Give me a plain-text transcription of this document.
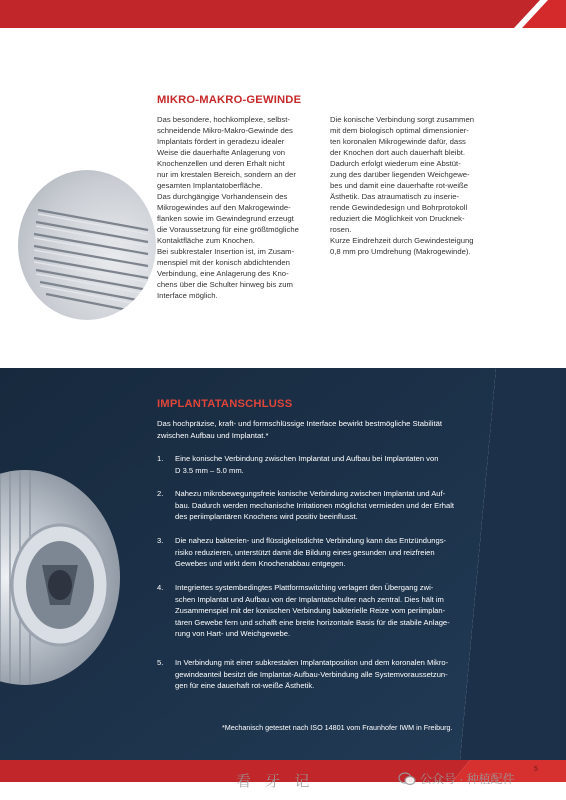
MIKRO-MAKRO-GEWINDE
Das besondere, hochkomplexe, selbst-
schneidende Mikro-Makro-Gewinde des
Implantats fördert in geradezu idealer
Weise die dauerhafte Anlagerung von
Knochenzellen und deren Erhalt nicht
nur im krestalen Bereich, sondern an der
gesamten Implantatoberfläche.
Das durchgängige Vorhandensein des
Mikrogewindes auf den Makrogewinde-
flanken sowie im Gewindegrund erzeugt
die Voraussetzung für eine größtmögliche
Kontaktfläche zum Knochen.
Bei subkrestaler Insertion ist, im Zusam-
menspiel mit der konisch abdichtenden
Verbindung, eine Anlagerung des Kno-
chens über die Schulter hinweg bis zum
Interface möglich.
Die konische Verbindung sorgt zusammen
mit dem biologisch optimal dimensionier-
ten koronalen Mikrogewinde dafür, dass
der Knochen dort auch dauerhaft bleibt.
Dadurch erfolgt wiederum eine Abstüt-
zung des darüber liegenden Weichgewe-
bes und damit eine dauerhafte rot-weiße
Ästhetik. Das atraumatisch zu inserie-
rende Gewindedesign und Bohrprotokoll
reduziert die Möglichkeit von Drucknek-
rosen.
Kurze Eindrehzeit durch Gewindesteigung
0,8 mm pro Umdrehung (Makrogewinde).
IMPLANTATANSCHLUSS
Das hochpräzise, kraft- und formschlüssige Interface bewirkt bestmögliche Stabilität
zwischen Aufbau und Implantat.*
1.	Eine konische Verbindung zwischen Implantat und Aufbau bei Implantaten von
D 3.5 mm – 5.0 mm.
2.	Nahezu mikrobewegungsfreie konische Verbindung zwischen Implantat und Auf-
bau. Dadurch werden mechanische Irritationen möglichst vermieden und der Erhalt
des periimplantären Knochens wird positiv beeinflusst.
3.	Die nahezu bakterien- und flüssigkeitsdichte Verbindung kann das Entzündungs-
risiko reduzieren, unterstützt damit die Bildung eines gesunden und reizfreien
Gewebes und wirkt dem Knochenabbau entgegen.
4.	Integriertes systembedingtes Plattformswitching verlagert den Übergang zwi-
schen Implantat und Aufbau von der Implantatschulter nach zentral. Dies hält im
Zusammenspiel mit der konischen Verbindung bakterielle Reize vom periimplan-
tären Gewebe fern und schafft eine breite horizontale Basis für die stabile Anlage-
rung von Hart- und Weichgewebe.
5.	In Verbindung mit einer subkrestalen Implantatposition und dem koronalen Mikro-
gewindeanteil besitzt die Implantat-Aufbau-Verbindung alle Systemvoraussetzun-
gen für eine dauerhaft rot-weiße Ästhetik.
*Mechanisch getestet nach ISO 14801 vom Fraunhofer IWM in Freiburg.
5
看 牙 记	公众号 · 种植配件
